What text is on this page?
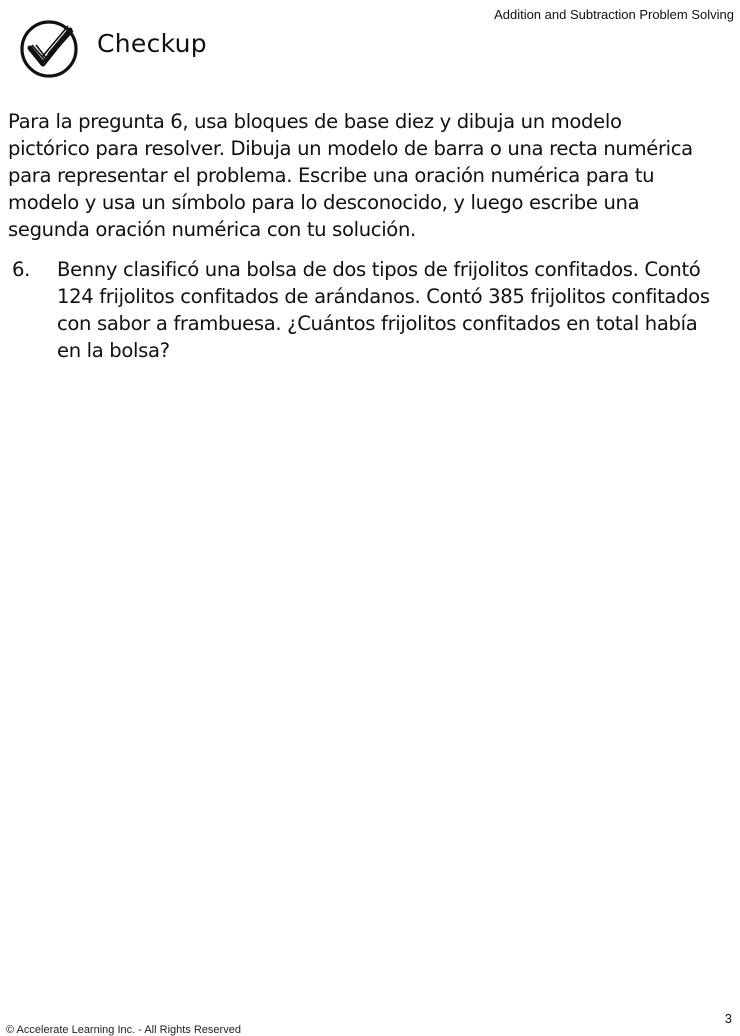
Addition and Subtraction Problem Solving
Checkup
Para la pregunta 6, usa bloques de base diez y dibuja un modelo pictórico para resolver. Dibuja un modelo de barra o una recta numérica para representar el problema. Escribe una oración numérica para tu modelo y usa un símbolo para lo desconocido, y luego escribe una segunda oración numérica con tu solución.
6. Benny clasificó una bolsa de dos tipos de frijolitos confitados. Contó 124 frijolitos confitados de arándanos. Contó 385 frijolitos confitados con sabor a frambuesa. ¿Cuántos frijolitos confitados en total había en la bolsa?
3
© Accelerate Learning Inc. - All Rights Reserved
